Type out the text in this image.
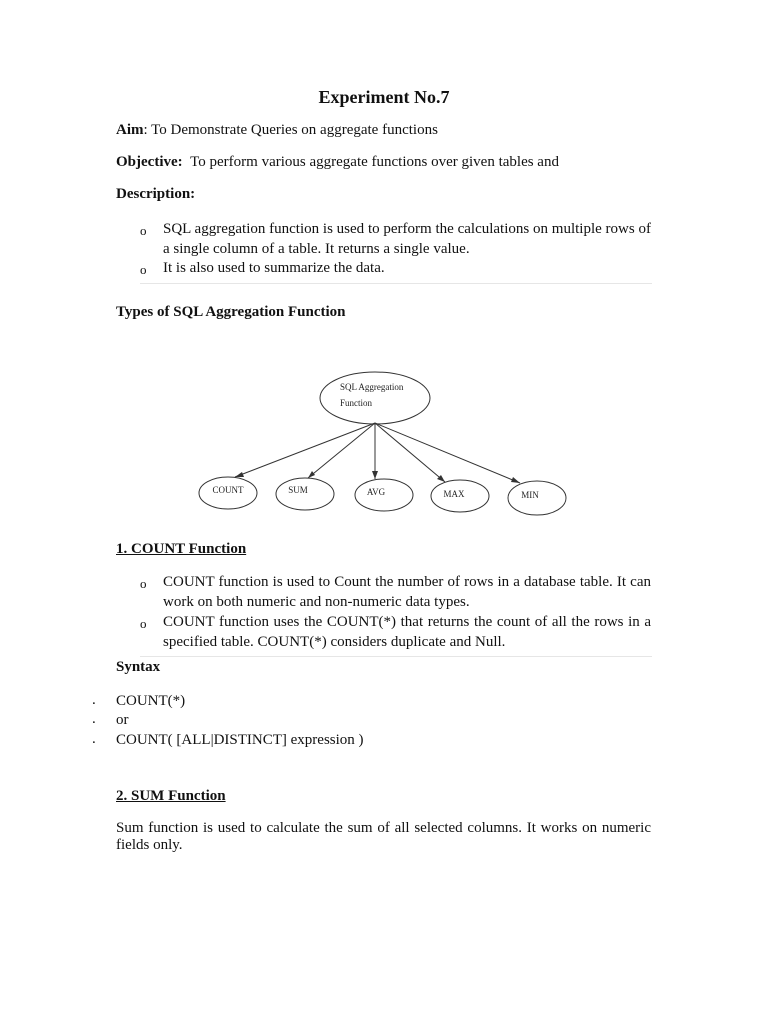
Experiment No.7
Aim: To Demonstrate Queries on aggregate functions
Objective: To perform various aggregate functions over given tables and
Description:
o SQL aggregation function is used to perform the calculations on multiple rows of a single column of a table. It returns a single value.
o It is also used to summarize the data.
Types of SQL Aggregation Function
SQL Aggregation
Function
COUNT	SUM	AVG	MAX	MIN
1. COUNT Function
o COUNT function is used to Count the number of rows in a database table. It can work on both numeric and non-numeric data types.
o COUNT function uses the COUNT(*) that returns the count of all the rows in a specified table. COUNT(*) considers duplicate and Null.
Syntax
. COUNT(*)
. or
. COUNT( [ALL|DISTINCT] expression )
2. SUM Function
Sum function is used to calculate the sum of all selected columns. It works on numeric fields only.
